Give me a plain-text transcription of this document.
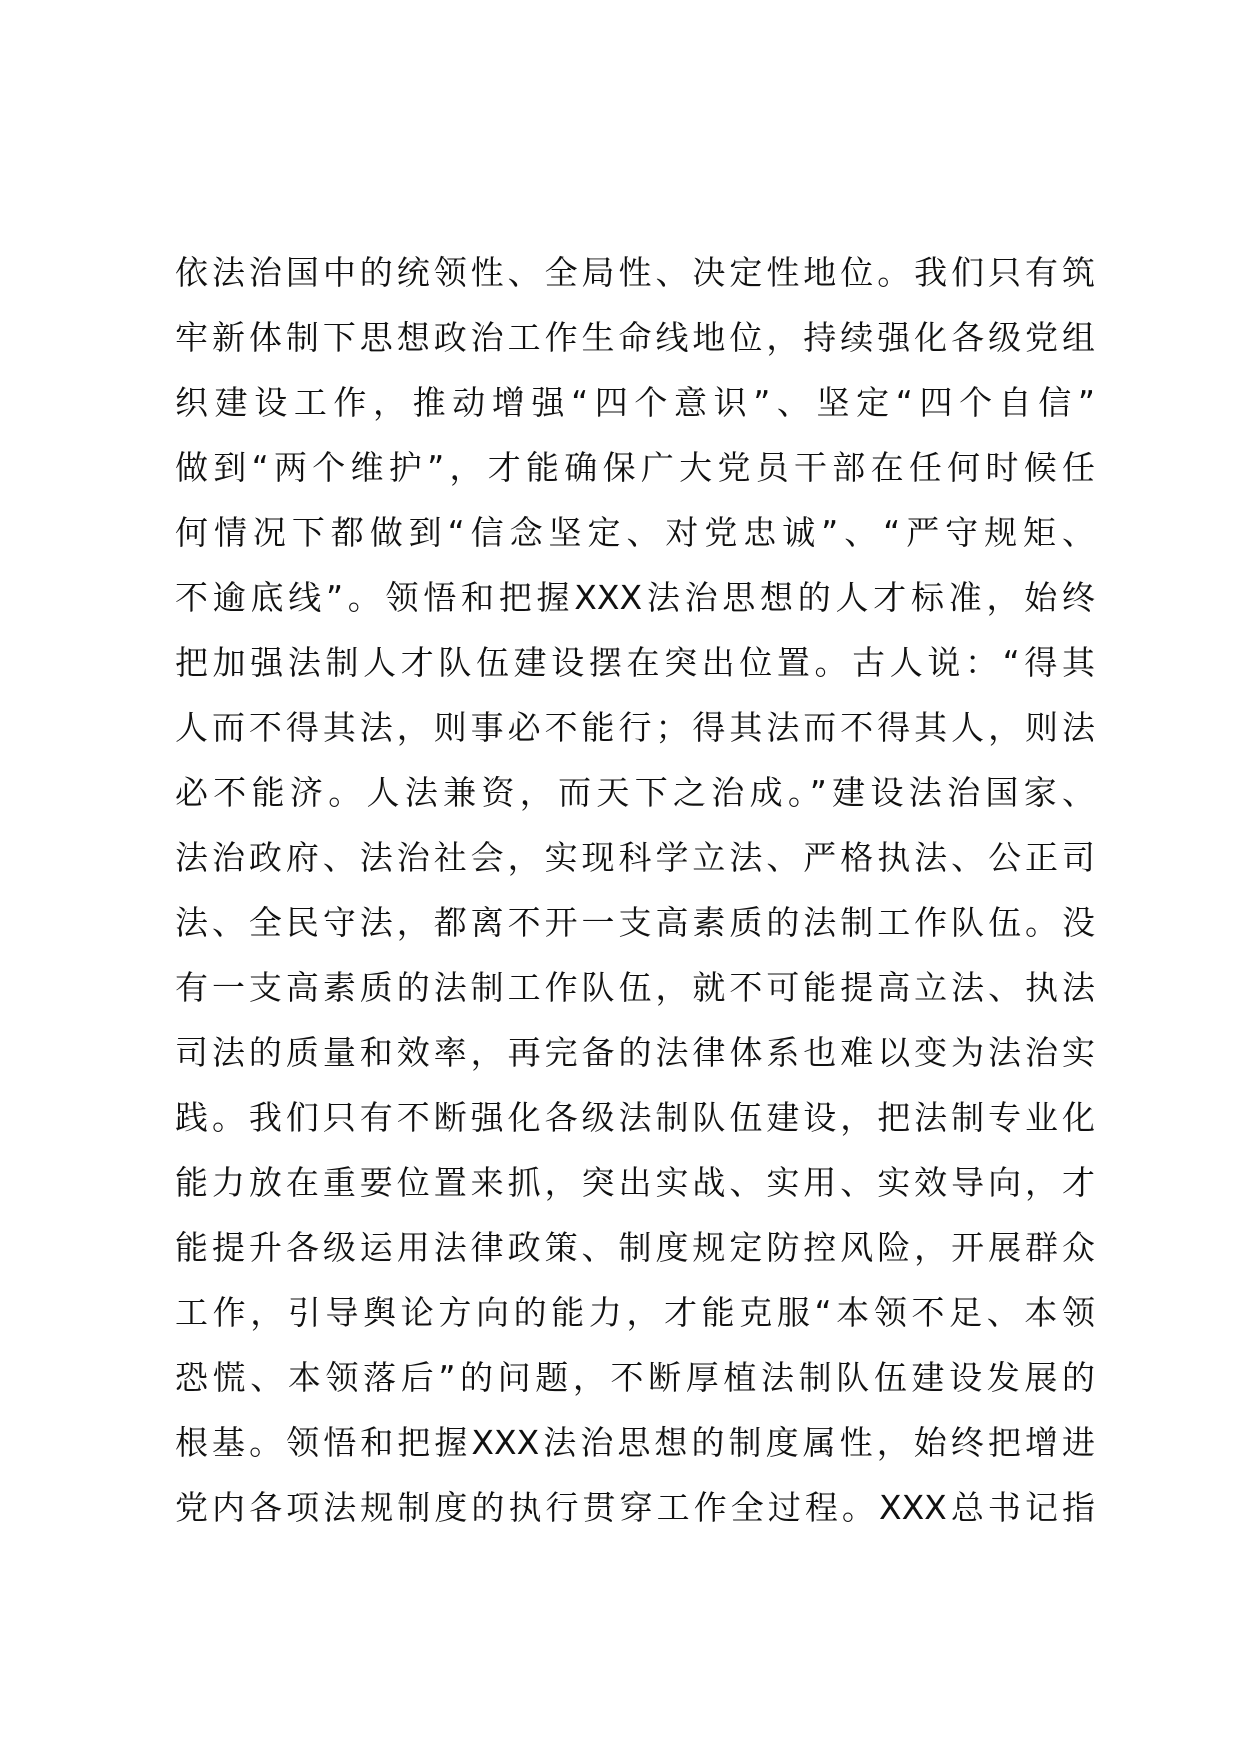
依法治国中的统领性、全局性、决定性地位。我们只有筑
牢新体制下思想政治工作生命线地位，持续强化各级党组
织建设工作，推动增强“四个意识”、坚定“四个自信”
做到“两个维护”，才能确保广大党员干部在任何时候任
何情况下都做到“信念坚定、对党忠诚”、“严守规矩、
不逾底线”。领悟和把握XXX法治思想的人才标准，始终
把加强法制人才队伍建设摆在突出位置。古人说：“得其
人而不得其法，则事必不能行；得其法而不得其人，则法
必不能济。人法兼资，而天下之治成。”建设法治国家、
法治政府、法治社会，实现科学立法、严格执法、公正司
法、全民守法，都离不开一支高素质的法制工作队伍。没
有一支高素质的法制工作队伍，就不可能提高立法、执法
司法的质量和效率，再完备的法律体系也难以变为法治实
践。我们只有不断强化各级法制队伍建设，把法制专业化
能力放在重要位置来抓，突出实战、实用、实效导向，才
能提升各级运用法律政策、制度规定防控风险，开展群众
工作，引导舆论方向的能力，才能克服“本领不足、本领
恐慌、本领落后”的问题，不断厚植法制队伍建设发展的
根基。领悟和把握XXX法治思想的制度属性，始终把增进
党内各项法规制度的执行贯穿工作全过程。XXX总书记指
